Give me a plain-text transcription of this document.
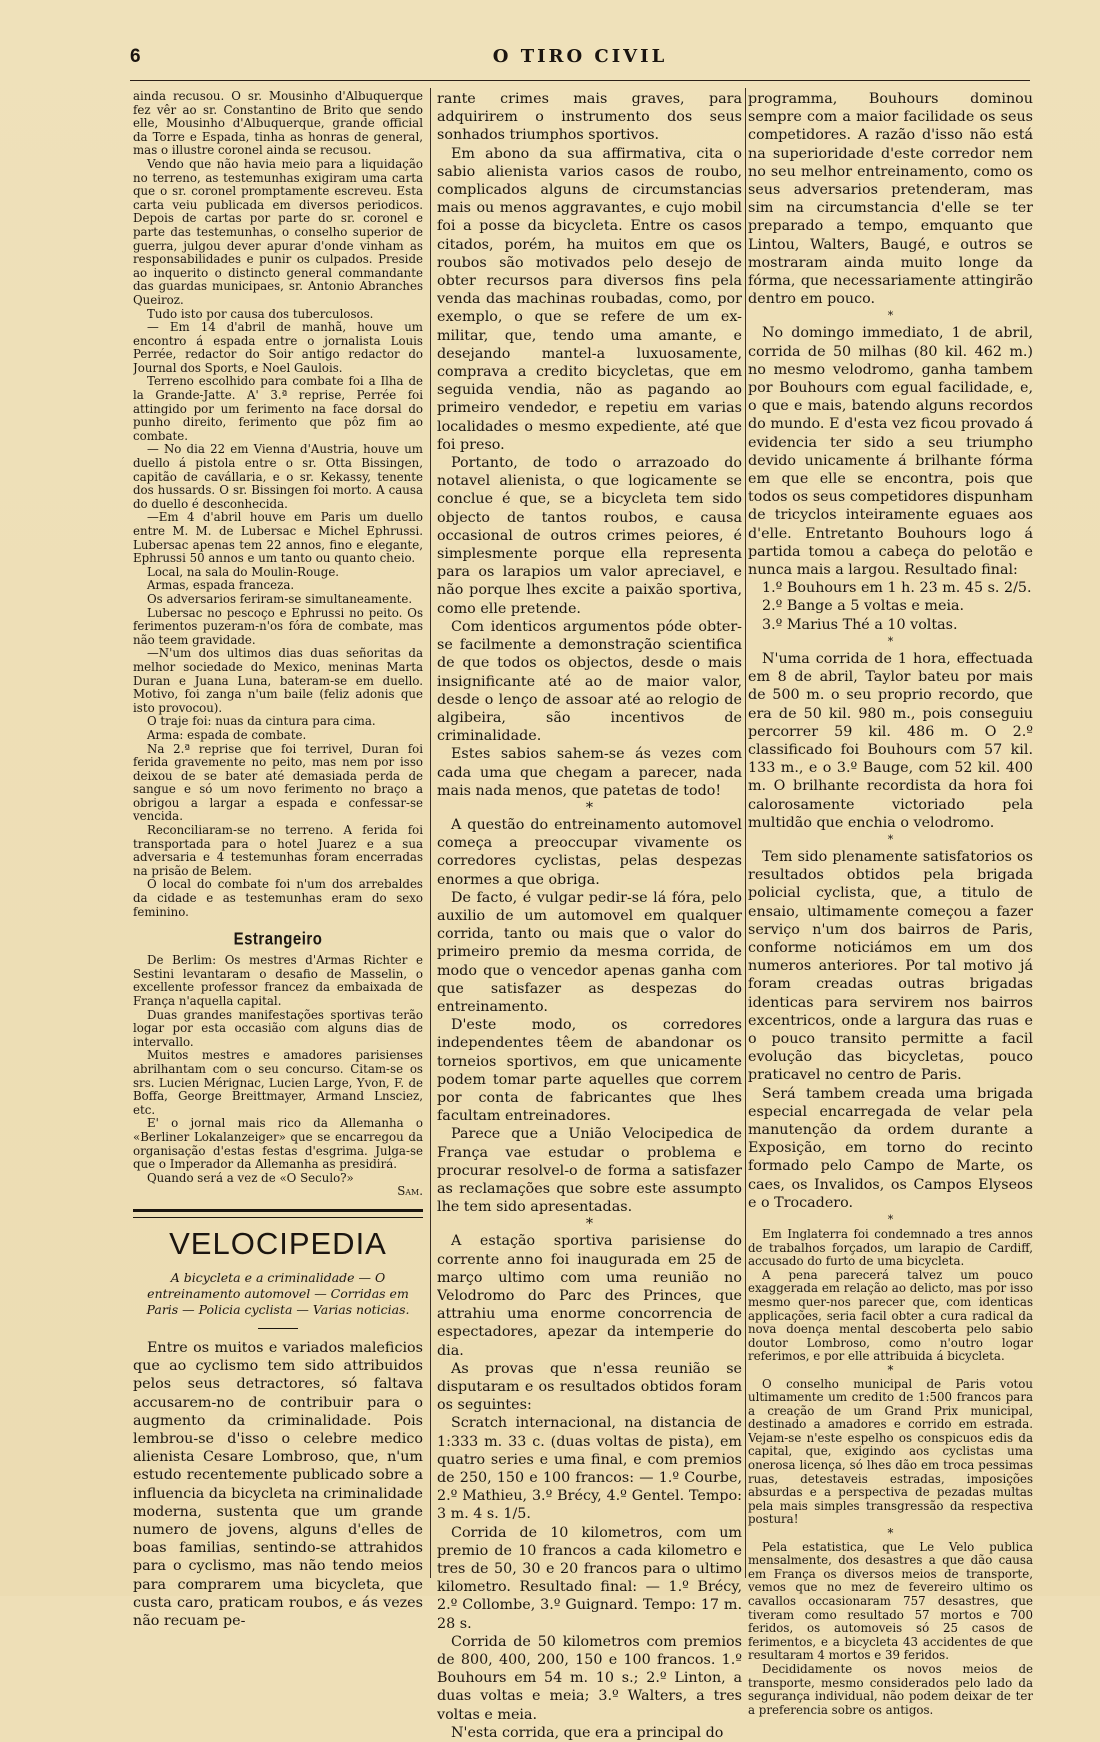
6	O TIRO CIVIL

ainda recusou. O sr. Mousinho d'Albuquerque fez vêr ao sr. Constantino de Brito que sendo elle, Mousinho d'Albuquerque, grande official da Torre e Espada, tinha as honras de general, mas o illustre coronel ainda se recusou.

Vendo que não havia meio para a liquidação no terreno, as testemunhas exigiram uma carta que o sr. coronel promptamente escreveu. Esta carta veiu publicada em diversos periodicos. Depois de cartas por parte do sr. coronel e parte das testemunhas, o conselho superior de guerra, julgou dever apurar d'onde vinham as responsabilidades e punir os culpados. Preside ao inquerito o distincto general commandante das guardas municipaes, sr. Antonio Abranches Queiroz.

Tudo isto por causa dos tuberculosos.

— Em 14 d'abril de manhã, houve um encontro á espada entre o jornalista Louis Perrée, redactor do Soir antigo redactor do Journal dos Sports, e Noel Gaulois.

Terreno escolhido para combate foi a Ilha de la Grande-Jatte. A' 3.ª reprise, Perrée foi attingido por um ferimento na face dorsal do punho direito, ferimento que pôz fim ao combate.

— No dia 22 em Vienna d'Austria, houve um duello á pistola entre o sr. Otta Bissingen, capitão de cavállaria, e o sr. Kekassy, tenente dos hussards. O sr. Bissingen foi morto. A causa do duello é desconhecida.

—Em 4 d'abril houve em Paris um duello entre M. M. de Lubersac e Michel Ephrussi. Lubersac apenas tem 22 annos, fino e elegante, Ephrussi 50 annos e um tanto ou quanto cheio.

Local, na sala do Moulin-Rouge.

Armas, espada franceza.

Os adversarios feriram-se simultaneamente.

Lubersac no pescoço e Ephrussi no peito. Os ferimentos puzeram-n'os fóra de combate, mas não teem gravidade.

—N'um dos ultimos dias duas señoritas da melhor sociedade do Mexico, meninas Marta Duran e Juana Luna, bateram-se em duello. Motivo, foi zanga n'um baile (feliz adonis que isto provocou).

O traje foi: nuas da cintura para cima.

Arma: espada de combate.

Na 2.ª reprise que foi terrivel, Duran foi ferida gravemente no peito, mas nem por isso deixou de se bater até demasiada perda de sangue e só um novo ferimento no braço a obrigou a largar a espada e confessar-se vencida.

Reconciliaram-se no terreno. A ferida foi transportada para o hotel Juarez e a sua adversaria e 4 testemunhas foram encerradas na prisão de Belem.

O local do combate foi n'um dos arrebaldes da cidade e as testemunhas eram do sexo feminino.

Estrangeiro

De Berlim: Os mestres d'Armas Richter e Sestini levantaram o desafio de Masselin, o excellente professor francez da embaixada de França n'aquella capital.

Duas grandes manifestações sportivas terão logar por esta occasião com alguns dias de intervallo.

Muitos mestres e amadores parisienses abrilhantam com o seu concurso. Citam-se os srs. Lucien Mérignac, Lucien Large, Yvon, F. de Boffa, George Breittmayer, Armand Lnsciez, etc.

E' o jornal mais rico da Allemanha o «Berliner Lokalanzeiger» que se encarregou da organisação d'estas festas d'esgrima. Julga-se que o Imperador da Allemanha as presidirá.

Quando será a vez de «O Seculo?»

Sam.

VELOCIPEDIA
A bicycleta e a criminalidade — O entreinamento automovel — Corridas em Paris — Policia cyclista — Varias noticias.

Entre os muitos e variados maleficios que ao cyclismo tem sido attribuidos pelos seus detractores, só faltava accusarem-no de contribuir para o augmento da criminalidade. Pois lembrou-se d'isso o celebre medico alienista Cesare Lombroso, que, n'um estudo recentemente publicado sobre a influencia da bicycleta na criminalidade moderna, sustenta que um grande numero de jovens, alguns d'elles de boas familias, sentindo-se attrahidos para o cyclismo, mas não tendo meios para comprarem uma bicycleta, que custa caro, praticam roubos, e ás vezes não recuam pe-

rante crimes mais graves, para adquirirem o instrumento dos seus sonhados triumphos sportivos.

Em abono da sua affirmativa, cita o sabio alienista varios casos de roubo, complicados alguns de circumstancias mais ou menos aggravantes, e cujo mobil foi a posse da bicycleta. Entre os casos citados, porém, ha muitos em que os roubos são motivados pelo desejo de obter recursos para diversos fins pela venda das machinas roubadas, como, por exemplo, o que se refere de um ex-militar, que, tendo uma amante, e desejando mantel-a luxuosamente, comprava a credito bicycletas, que em seguida vendia, não as pagando ao primeiro vendedor, e repetiu em varias localidades o mesmo expediente, até que foi preso.

Portanto, de todo o arrazoado do notavel alienista, o que logicamente se conclue é que, se a bicycleta tem sido objecto de tantos roubos, e causa occasional de outros crimes peiores, é simplesmente porque ella representa para os larapios um valor apreciavel, e não porque lhes excite a paixão sportiva, como elle pretende.

Com identicos argumentos póde obter-se facilmente a demonstração scientifica de que todos os objectos, desde o mais insignificante até ao de maior valor, desde o lenço de assoar até ao relogio de algibeira, são incentivos de criminalidade.

Estes sabios sahem-se ás vezes com cada uma que chegam a parecer, nada mais nada menos, que patetas de todo!

*

A questão do entreinamento automovel começa a preoccupar vivamente os corredores cyclistas, pelas despezas enormes a que obriga.

De facto, é vulgar pedir-se lá fóra, pelo auxilio de um automovel em qualquer corrida, tanto ou mais que o valor do primeiro premio da mesma corrida, de modo que o vencedor apenas ganha com que satisfazer as despezas do entreinamento.

D'este modo, os corredores independentes têem de abandonar os torneios sportivos, em que unicamente podem tomar parte aquelles que correm por conta de fabricantes que lhes facultam entreinadores.

Parece que a União Velocipedica de França vae estudar o problema e procurar resolvel-o de forma a satisfazer as reclamações que sobre este assumpto lhe tem sido apresentadas.

*

A estação sportiva parisiense do corrente anno foi inaugurada em 25 de março ultimo com uma reunião no Velodromo do Parc des Princes, que attrahiu uma enorme concorrencia de espectadores, apezar da intemperie do dia.

As provas que n'essa reunião se disputaram e os resultados obtidos foram os seguintes:

Scratch internacional, na distancia de 1:333 m. 33 c. (duas voltas de pista), em quatro series e uma final, e com premios de 250, 150 e 100 francos: — 1.º Courbe, 2.º Mathieu, 3.º Brécy, 4.º Gentel. Tempo: 3 m. 4 s. 1/5.

Corrida de 10 kilometros, com um premio de 10 francos a cada kilometro e tres de 50, 30 e 20 francos para o ultimo kilometro. Resultado final: — 1.º Brécy, 2.º Collombe, 3.º Guignard. Tempo: 17 m. 28 s.

Corrida de 50 kilometros com premios de 800, 400, 200, 150 e 100 francos. 1.º Bouhours em 54 m. 10 s.; 2.º Linton, a duas voltas e meia; 3.º Walters, a tres voltas e meia.

N'esta corrida, que era a principal do

programma, Bouhours dominou sempre com a maior facilidade os seus competidores. A razão d'isso não está na superioridade d'este corredor nem no seu melhor entreinamento, como os seus adversarios pretenderam, mas sim na circumstancia d'elle se ter preparado a tempo, emquanto que Lintou, Walters, Baugé, e outros se mostraram ainda muito longe da fórma, que necessariamente attingirão dentro em pouco.

*

No domingo immediato, 1 de abril, corrida de 50 milhas (80 kil. 462 m.) no mesmo velodromo, ganha tambem por Bouhours com egual facilidade, e, o que e mais, batendo alguns recordos do mundo. E d'esta vez ficou provado á evidencia ter sido a seu triumpho devido unicamente á brilhante fórma em que elle se encontra, pois que todos os seus competidores dispunham de tricyclos inteiramente eguaes aos d'elle. Entretanto Bouhours logo á partida tomou a cabeça do pelotão e nunca mais a largou. Resultado final:

1.º Bouhours em 1 h. 23 m. 45 s. 2/5.

2.º Bange a 5 voltas e meia.

3.º Marius Thé a 10 voltas.

*

N'uma corrida de 1 hora, effectuada em 8 de abril, Taylor bateu por mais de 500 m. o seu proprio recordo, que era de 50 kil. 980 m., pois conseguiu percorrer 59 kil. 486 m. O 2.º classificado foi Bouhours com 57 kil. 133 m., e o 3.º Bauge, com 52 kil. 400 m. O brilhante recordista da hora foi calorosamente victoriado pela multidão que enchia o velodromo.

*

Tem sido plenamente satisfatorios os resultados obtidos pela brigada policial cyclista, que, a titulo de ensaio, ultimamente começou a fazer serviço n'um dos bairros de Paris, conforme noticiámos em um dos numeros anteriores. Por tal motivo já foram creadas outras brigadas identicas para servirem nos bairros excentricos, onde a largura das ruas e o pouco transito permitte a facil evolução das bicycletas, pouco praticavel no centro de Paris.

Será tambem creada uma brigada especial encarregada de velar pela manutenção da ordem durante a Exposição, em torno do recinto formado pelo Campo de Marte, os caes, os Invalidos, os Campos Elyseos e o Trocadero.

*

Em Inglaterra foi condemnado a tres annos de trabalhos forçados, um larapio de Cardiff, accusado do furto de uma bicycleta.

A pena parecerá talvez um pouco exaggerada em relação ao delicto, mas por isso mesmo quer-nos parecer que, com identicas applicações, seria facil obter a cura radical da nova doença mental descoberta pelo sabio doutor Lombroso, como n'outro logar referimos, e por elle attribuida á bicycleta.

*

O conselho municipal de Paris votou ultimamente um credito de 1:500 francos para a creação de um Grand Prix municipal, destinado a amadores e corrido em estrada. Vejam-se n'este espelho os conspicuos edis da capital, que, exigindo aos cyclistas uma onerosa licença, só lhes dão em troca pessimas ruas, detestaveis estradas, imposições absurdas e a perspectiva de pezadas multas pela mais simples transgressão da respectiva postura!

*

Pela estatistica, que Le Velo publica mensalmente, dos desastres a que dão causa em França os diversos meios de transporte, vemos que no mez de fevereiro ultimo os cavallos occasionaram 757 desastres, que tiveram como resultado 57 mortos e 700 feridos, os automoveis só 25 casos de ferimentos, e a bicycleta 43 accidentes de que resultaram 4 mortos e 39 feridos.

Decididamente os novos meios de transporte, mesmo considerados pelo lado da segurança individual, não podem deixar de ter a preferencia sobre os antigos.
